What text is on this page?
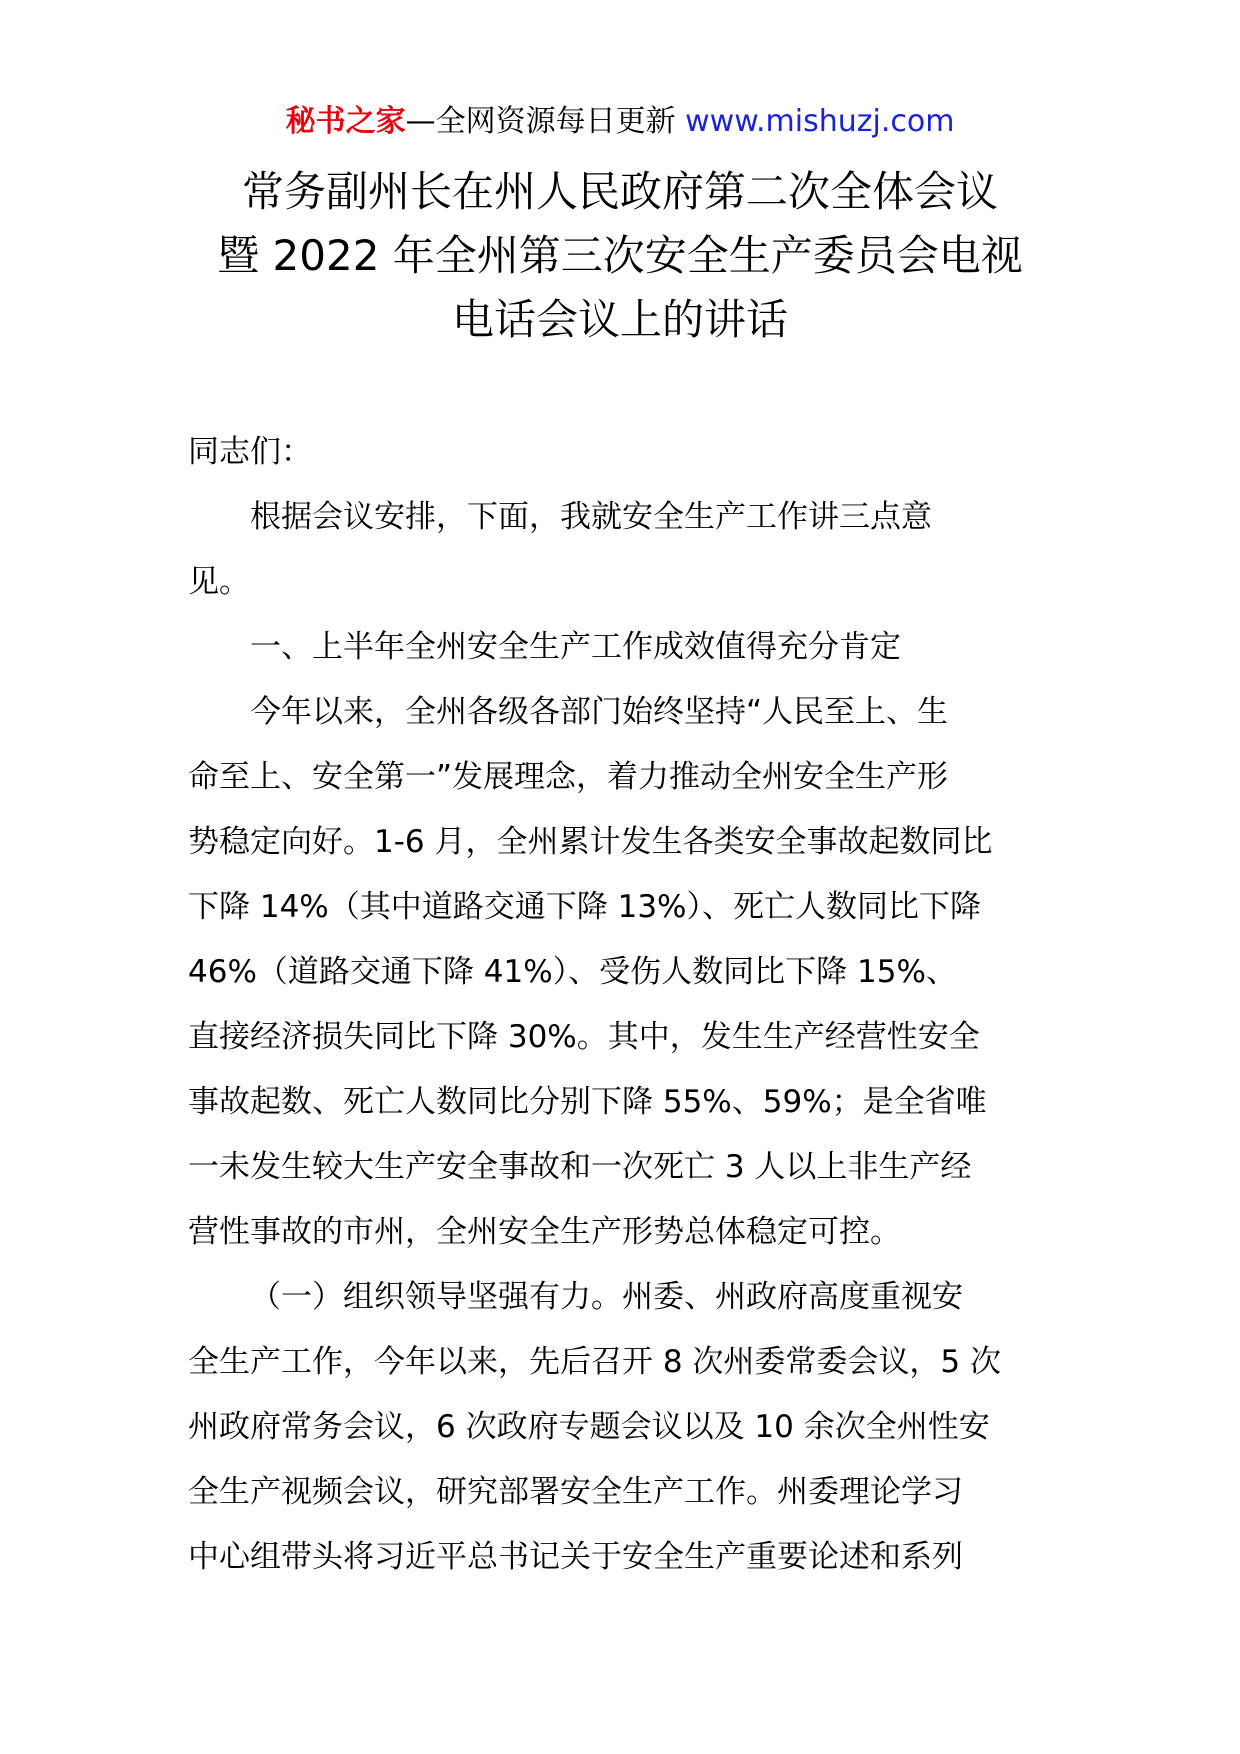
秘书之家—全网资源每日更新 www.mishuzj.com
常务副州长在州人民政府第二次全体会议
暨 2022 年全州第三次安全生产委员会电视
电话会议上的讲话

同志们：

根据会议安排，下面，我就安全生产工作讲三点意
见。

一、上半年全州安全生产工作成效值得充分肯定

今年以来，全州各级各部门始终坚持“人民至上、生
命至上、安全第一”发展理念，着力推动全州安全生产形
势稳定向好。1-6 月，全州累计发生各类安全事故起数同比
下降 14%（其中道路交通下降 13%）、死亡人数同比下降
46%（道路交通下降 41%）、受伤人数同比下降 15%、
直接经济损失同比下降 30%。其中，发生生产经营性安全
事故起数、死亡人数同比分别下降 55%、59%；是全省唯
一未发生较大生产安全事故和一次死亡 3 人以上非生产经
营性事故的市州，全州安全生产形势总体稳定可控。

（一）组织领导坚强有力。州委、州政府高度重视安
全生产工作，今年以来，先后召开 8 次州委常委会议，5 次
州政府常务会议，6 次政府专题会议以及 10 余次全州性安
全生产视频会议，研究部署安全生产工作。州委理论学习
中心组带头将习近平总书记关于安全生产重要论述和系列
